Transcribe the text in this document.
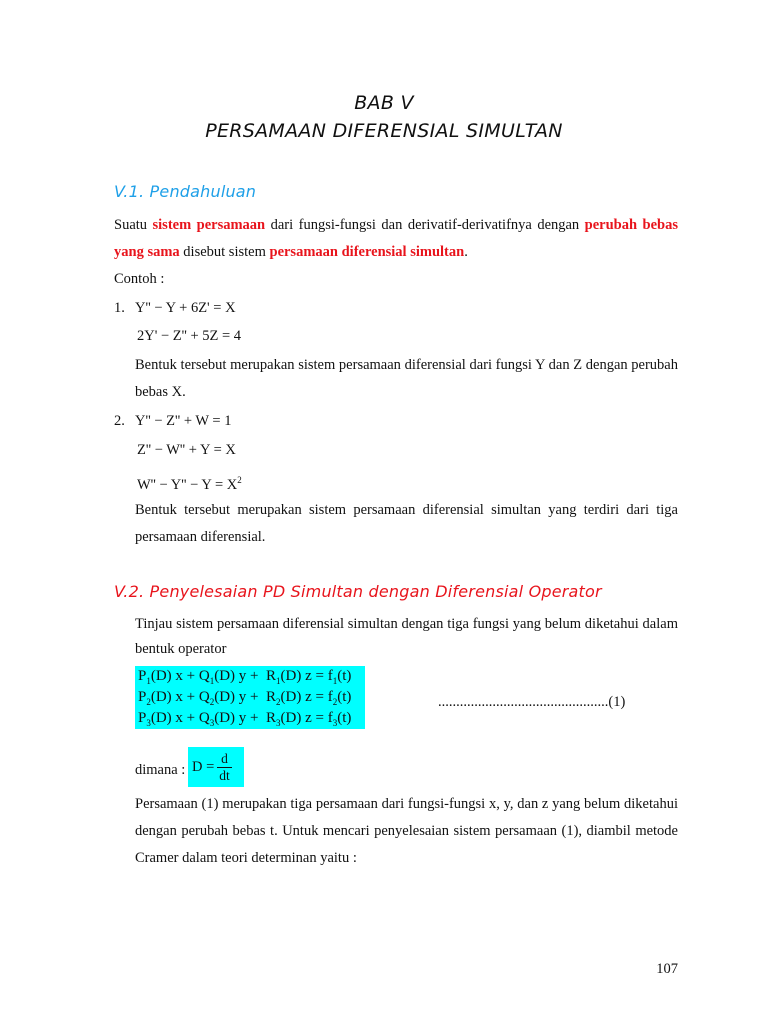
BAB V
PERSAMAAN DIFERENSIAL SIMULTAN
V.1. Pendahuluan
Suatu sistem persamaan dari fungsi-fungsi dan derivatif-derivatifnya dengan perubah bebas yang sama disebut sistem persamaan diferensial simultan.
Contoh :
1. Y'' − Y + 6Z' = X
2Y' − Z'' + 5Z = 4
Bentuk tersebut merupakan sistem persamaan diferensial dari fungsi Y dan Z dengan perubah bebas X.
2. Y'' − Z'' + W = 1
Z'' − W'' + Y = X
$W'' - Y'' - Y = X^2$
Bentuk tersebut merupakan sistem persamaan diferensial simultan yang terdiri dari tiga persamaan diferensial.
V.2. Penyelesaian PD Simultan dengan Diferensial Operator
Tinjau sistem persamaan diferensial simultan dengan tiga fungsi yang belum diketahui dalam bentuk operator
$P_1(D) x + Q_1(D) y + R_1(D) z = f_1(t)$
$P_2(D) x + Q_2(D) y + R_2(D) z = f_2(t)$
$P_3(D) x + Q_3(D) y + R_3(D) z = f_3(t)$
...............................................(1)
dimana : $D = \frac{d}{dt}$
Persamaan (1) merupakan tiga persamaan dari fungsi-fungsi x, y, dan z yang belum diketahui dengan perubah bebas t. Untuk mencari penyelesaian sistem persamaan (1), diambil metode Cramer dalam teori determinan yaitu :
107
